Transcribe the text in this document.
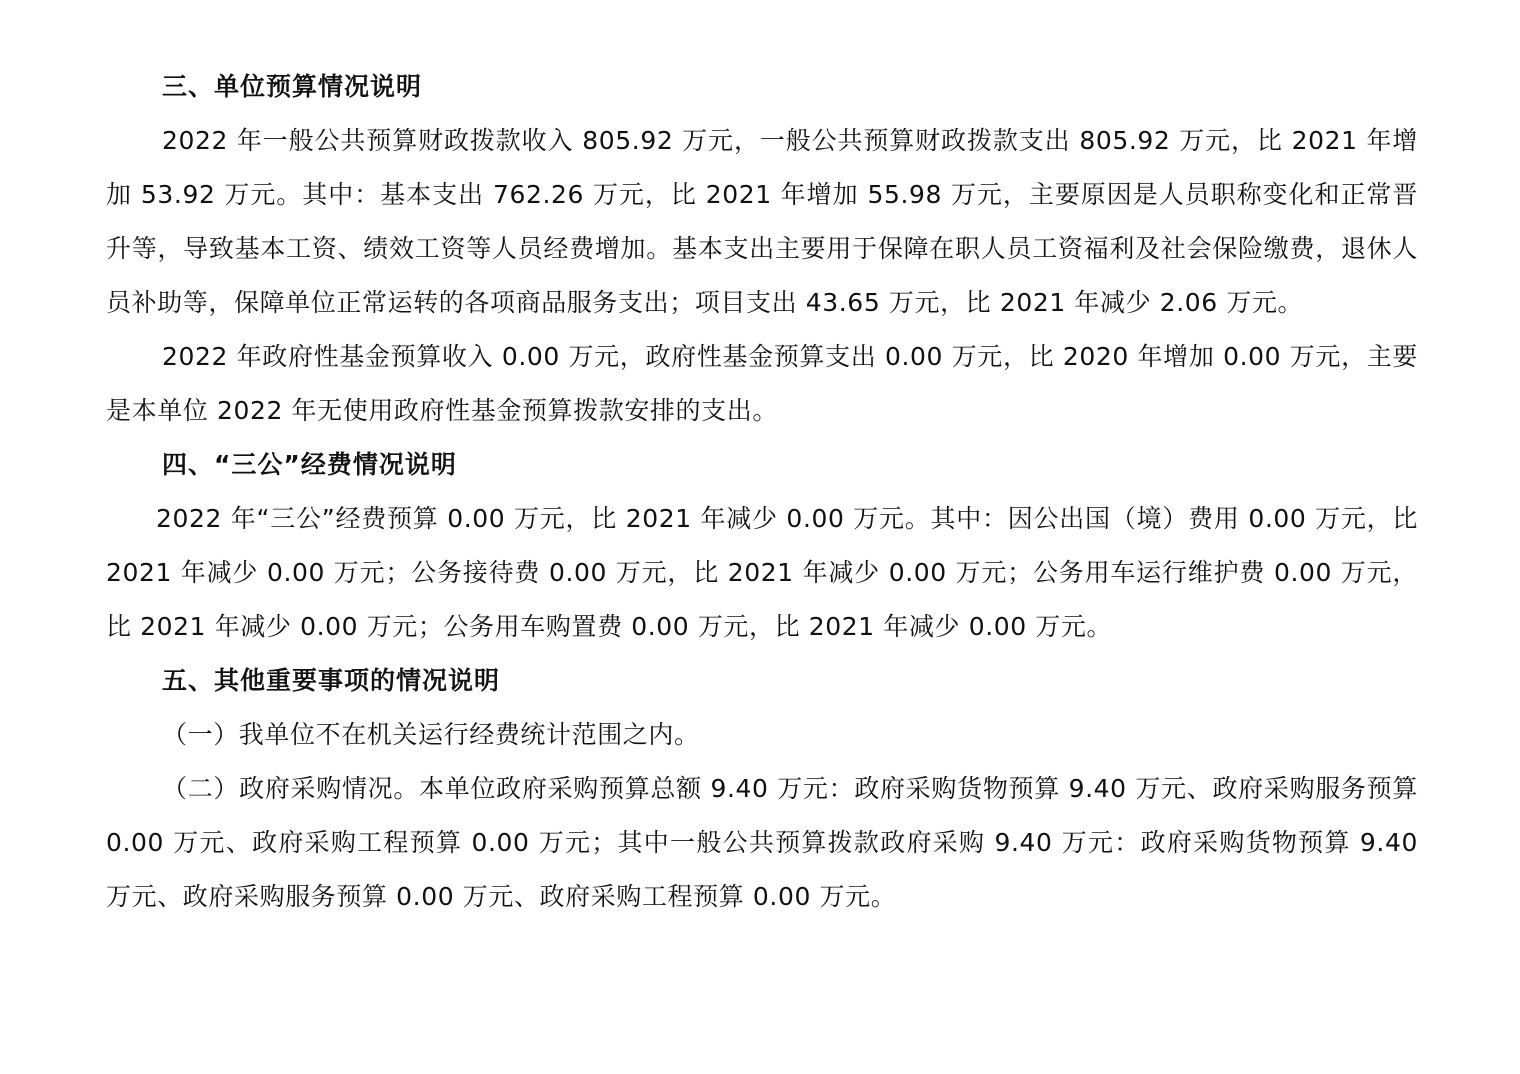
三、单位预算情况说明

2022 年一般公共预算财政拨款收入 805.92 万元，一般公共预算财政拨款支出 805.92 万元，比 2021 年增加 53.92 万元。其中：基本支出 762.26 万元，比 2021 年增加 55.98 万元，主要原因是人员职称变化和正常晋升等，导致基本工资、绩效工资等人员经费增加。基本支出主要用于保障在职人员工资福利及社会保险缴费，退休人员补助等，保障单位正常运转的各项商品服务支出；项目支出 43.65 万元，比 2021 年减少 2.06 万元。

2022 年政府性基金预算收入 0.00 万元，政府性基金预算支出 0.00 万元，比 2020 年增加 0.00 万元，主要是本单位 2022 年无使用政府性基金预算拨款安排的支出。

四、“三公”经费情况说明

2022 年“三公”经费预算 0.00 万元，比 2021 年减少 0.00 万元。其中：因公出国（境）费用 0.00 万元，比 2021 年减少 0.00 万元；公务接待费 0.00 万元，比 2021 年减少 0.00 万元；公务用车运行维护费 0.00 万元，比 2021 年减少 0.00 万元；公务用车购置费 0.00 万元，比 2021 年减少 0.00 万元。

五、其他重要事项的情况说明

（一）我单位不在机关运行经费统计范围之内。

（二）政府采购情况。本单位政府采购预算总额 9.40 万元：政府采购货物预算 9.40 万元、政府采购服务预算 0.00 万元、政府采购工程预算 0.00 万元；其中一般公共预算拨款政府采购 9.40 万元：政府采购货物预算 9.40 万元、政府采购服务预算 0.00 万元、政府采购工程预算 0.00 万元。
